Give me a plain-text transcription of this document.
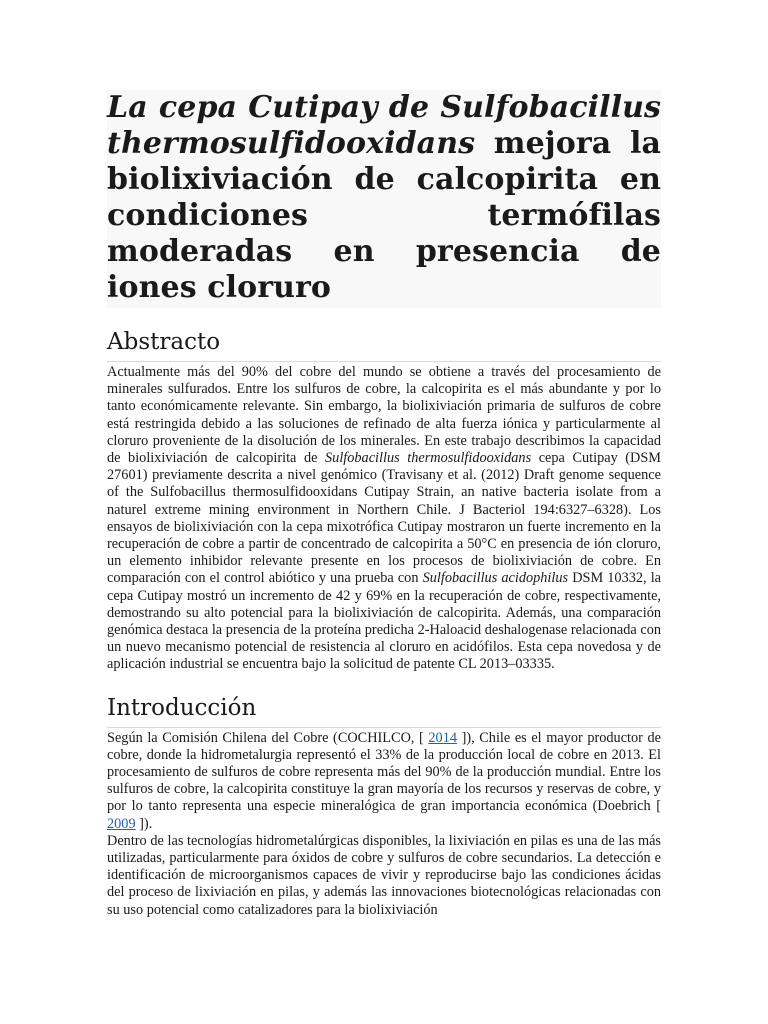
La cepa Cutipay de Sulfobacillus thermosulfidooxidans mejora la biolixiviación de calcopirita en condiciones termófilas moderadas en presencia de iones cloruro
Abstracto

Actualmente más del 90% del cobre del mundo se obtiene a través del procesamiento de minerales sulfurados. Entre los sulfuros de cobre, la calcopirita es el más abundante y por lo tanto económicamente relevante. Sin embargo, la biolixiviación primaria de sulfuros de cobre está restringida debido a las soluciones de refinado de alta fuerza iónica y particularmente al cloruro proveniente de la disolución de los minerales. En este trabajo describimos la capacidad de biolixiviación de calcopirita de Sulfobacillus thermosulfidooxidans cepa Cutipay (DSM 27601) previamente descrita a nivel genómico (Travisany et al. (2012) Draft genome sequence of the Sulfobacillus thermosulfidooxidans Cutipay Strain, an native bacteria isolate from a naturel extreme mining environment in Northern Chile. J Bacteriol 194:6327–6328). Los ensayos de biolixiviación con la cepa mixotrófica Cutipay mostraron un fuerte incremento en la recuperación de cobre a partir de concentrado de calcopirita a 50°C en presencia de ión cloruro, un elemento inhibidor relevante presente en los procesos de biolixiviación de cobre. En comparación con el control abiótico y una prueba con Sulfobacillus acidophilus DSM 10332, la cepa Cutipay mostró un incremento de 42 y 69% en la recuperación de cobre, respectivamente, demostrando su alto potencial para la biolixiviación de calcopirita. Además, una comparación genómica destaca la presencia de la proteína predicha 2-Haloacid deshalogenase relacionada con un nuevo mecanismo potencial de resistencia al cloruro en acidófilos. Esta cepa novedosa y de aplicación industrial se encuentra bajo la solicitud de patente CL 2013–03335.

Introducción

Según la Comisión Chilena del Cobre (COCHILCO, [ 2014 ]), Chile es el mayor productor de cobre, donde la hidrometalurgia representó el 33% de la producción local de cobre en 2013. El procesamiento de sulfuros de cobre representa más del 90% de la producción mundial. Entre los sulfuros de cobre, la calcopirita constituye la gran mayoría de los recursos y reservas de cobre, y por lo tanto representa una especie mineralógica de gran importancia económica (Doebrich [ 2009 ]).

Dentro de las tecnologías hidrometalúrgicas disponibles, la lixiviación en pilas es una de las más utilizadas, particularmente para óxidos de cobre y sulfuros de cobre secundarios. La detección e identificación de microorganismos capaces de vivir y reproducirse bajo las condiciones ácidas del proceso de lixiviación en pilas, y además las innovaciones biotecnológicas relacionadas con su uso potencial como catalizadores para la biolixiviación
